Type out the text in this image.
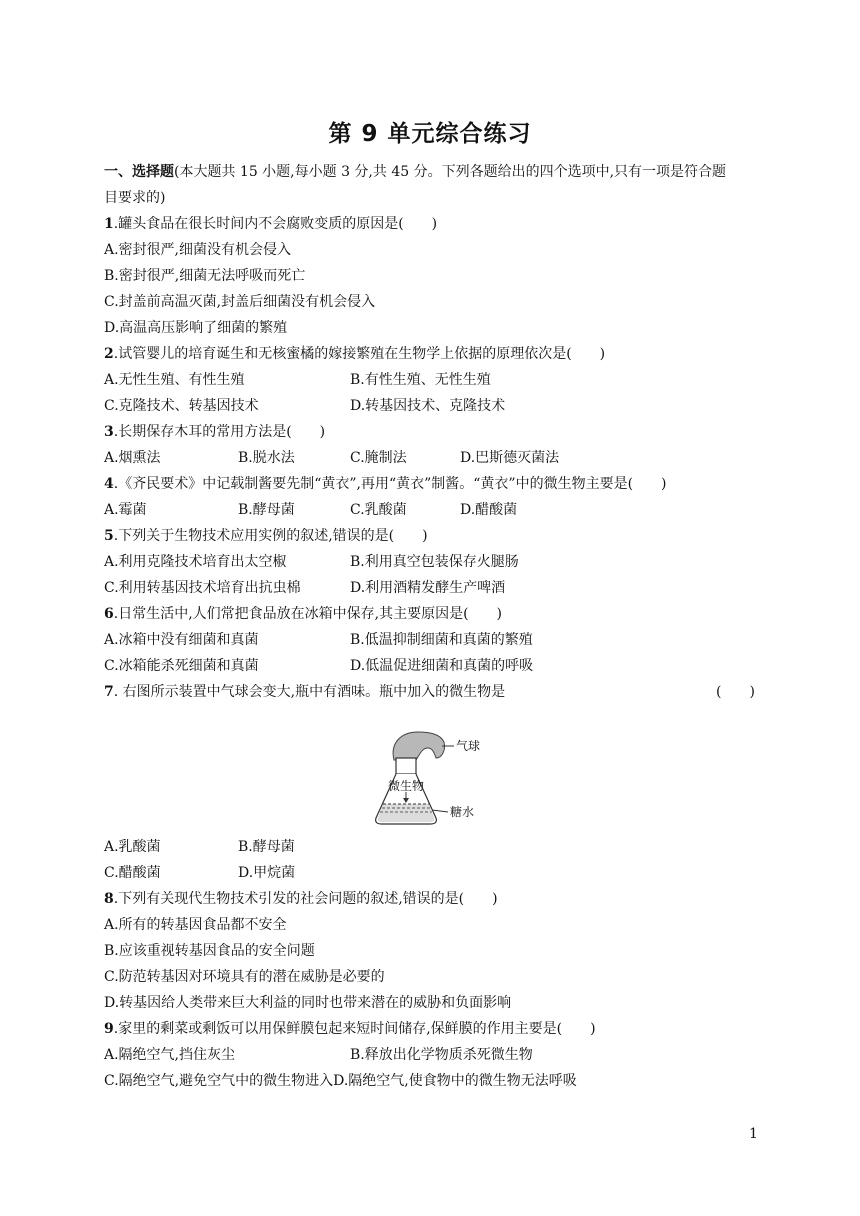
第 9 单元综合练习
一、选择题(本大题共 15 小题,每小题 3 分,共 45 分。下列各题给出的四个选项中,只有一项是符合题
目要求的)
1.罐头食品在很长时间内不会腐败变质的原因是(　　)
A.密封很严,细菌没有机会侵入
B.密封很严,细菌无法呼吸而死亡
C.封盖前高温灭菌,封盖后细菌没有机会侵入
D.高温高压影响了细菌的繁殖
2.试管婴儿的培育诞生和无核蜜橘的嫁接繁殖在生物学上依据的原理依次是(　　)
A.无性生殖、有性生殖	B.有性生殖、无性生殖
C.克隆技术、转基因技术	D.转基因技术、克隆技术
3.长期保存木耳的常用方法是(　　)
A.烟熏法	B.脱水法	C.腌制法	D.巴斯德灭菌法
4.《齐民要术》中记载制酱要先制“黄衣”,再用“黄衣”制酱。“黄衣”中的微生物主要是(　　)
A.霉菌	B.酵母菌	C.乳酸菌	D.醋酸菌
5.下列关于生物技术应用实例的叙述,错误的是(　　)
A.利用克隆技术培育出太空椒	B.利用真空包装保存火腿肠
C.利用转基因技术培育出抗虫棉	D.利用酒精发酵生产啤酒
6.日常生活中,人们常把食品放在冰箱中保存,其主要原因是(　　)
A.冰箱中没有细菌和真菌	B.低温抑制细菌和真菌的繁殖
C.冰箱能杀死细菌和真菌	D.低温促进细菌和真菌的呼吸
7. 右图所示装置中气球会变大,瓶中有酒味。瓶中加入的微生物是	(　　)
气球
微生物
糖水
A.乳酸菌	B.酵母菌
C.醋酸菌	D.甲烷菌
8.下列有关现代生物技术引发的社会问题的叙述,错误的是(　　)
A.所有的转基因食品都不安全
B.应该重视转基因食品的安全问题
C.防范转基因对环境具有的潜在威胁是必要的
D.转基因给人类带来巨大利益的同时也带来潜在的威胁和负面影响
9.家里的剩菜或剩饭可以用保鲜膜包起来短时间储存,保鲜膜的作用主要是(　　)
A.隔绝空气,挡住灰尘	B.释放出化学物质杀死微生物
C.隔绝空气,避免空气中的微生物进入D.隔绝空气,使食物中的微生物无法呼吸
1
